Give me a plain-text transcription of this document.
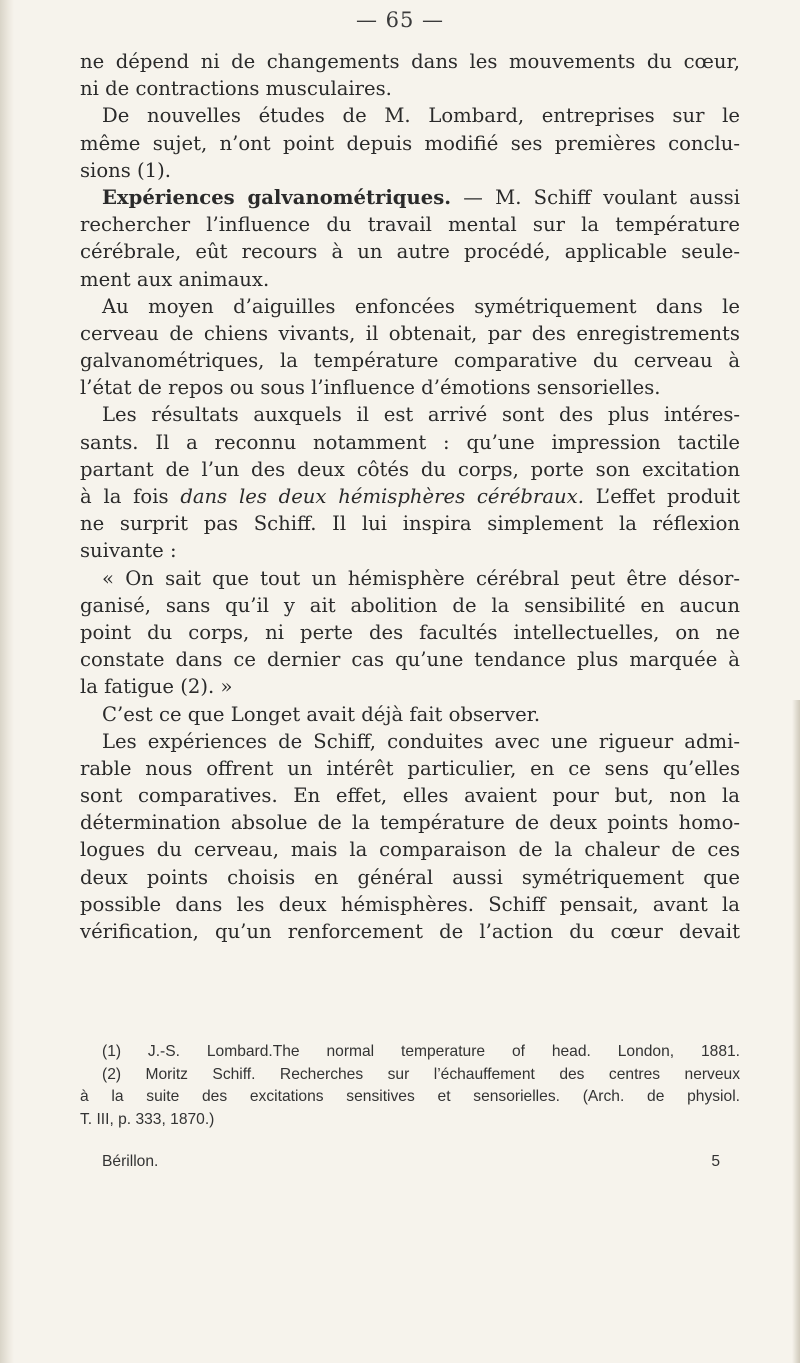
— 65 —
ne dépend ni de changements dans les mouvements du cœur,
ni de contractions musculaires.
De nouvelles études de M. Lombard, entreprises sur le
même sujet, n’ont point depuis modifié ses premières conclu-
sions (1).
Expériences galvanométriques. — M. Schiff voulant aussi
rechercher l’influence du travail mental sur la température
cérébrale, eût recours à un autre procédé, applicable seule-
ment aux animaux.
Au moyen d’aiguilles enfoncées symétriquement dans le
cerveau de chiens vivants, il obtenait, par des enregistrements
galvanométriques, la température comparative du cerveau à
l’état de repos ou sous l’influence d’émotions sensorielles.
Les résultats auxquels il est arrivé sont des plus intéres-
sants. Il a reconnu notamment : qu’une impression tactile
partant de l’un des deux côtés du corps, porte son excitation
à la fois dans les deux hémisphères cérébraux. L’effet produit
ne surprit pas Schiff. Il lui inspira simplement la réflexion
suivante :
« On sait que tout un hémisphère cérébral peut être désor-
ganisé, sans qu’il y ait abolition de la sensibilité en aucun
point du corps, ni perte des facultés intellectuelles, on ne
constate dans ce dernier cas qu’une tendance plus marquée à
la fatigue (2). »
C’est ce que Longet avait déjà fait observer.
Les expériences de Schiff, conduites avec une rigueur admi-
rable nous offrent un intérêt particulier, en ce sens qu’elles
sont comparatives. En effet, elles avaient pour but, non la
détermination absolue de la température de deux points homo-
logues du cerveau, mais la comparaison de la chaleur de ces
deux points choisis en général aussi symétriquement que
possible dans les deux hémisphères. Schiff pensait, avant la
vérification, qu’un renforcement de l’action du cœur devait
(1) J.-S. Lombard.The normal temperature of head. London, 1881.
(2) Moritz Schiff. Recherches sur l’échauffement des centres nerveux
à la suite des excitations sensitives et sensorielles. (Arch. de physiol.
T. III, p. 333, 1870.)
Bérillon.	5
